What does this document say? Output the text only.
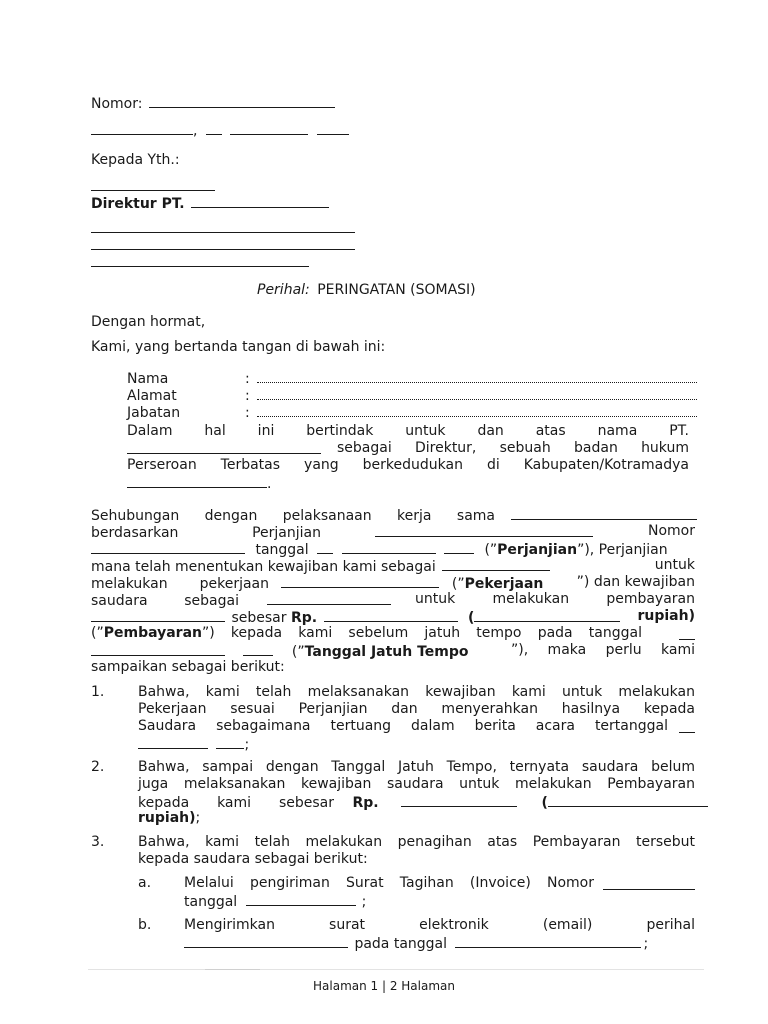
Nomor:
,
Kepada Yth.:
Direktur PT.
Perihal: PERINGATAN (SOMASI)
Dengan hormat,
Kami, yang bertanda tangan di bawah ini:
Nama	:
Alamat	:
Jabatan	:
Dalam hal ini bertindak untuk dan atas nama PT.
sebagai Direktur, sebuah badan hukum
Perseroan Terbatas yang berkedudukan di Kabupaten/Kotramadya
.
Sehubungan dengan pelaksanaan kerja sama
berdasarkan Perjanjian	Nomor
tanggal	(”Perjanjian”), Perjanjian
mana telah menentukan kewajiban kami sebagai	untuk
melakukan pekerjaan	(”Pekerjaan ”) dan kewajiban
saudara sebagai	untuk melakukan pembayaran
sebesar Rp.	(	rupiah)
(”Pembayaran”) kepada kami sebelum jatuh tempo pada tanggal
(”Tanggal Jatuh Tempo	”), maka perlu kami
sampaikan sebagai berikut:
1. Bahwa, kami telah melaksanakan kewajiban kami untuk melakukan
Pekerjaan sesuai Perjanjian dan menyerahkan hasilnya kepada
Saudara sebagaimana tertuang dalam berita acara tertanggal
;
2. Bahwa, sampai dengan Tanggal Jatuh Tempo, ternyata saudara belum
juga melaksanakan kewajiban saudara untuk melakukan Pembayaran
kepada kami sebesar Rp.	(
rupiah);
3. Bahwa, kami telah melakukan penagihan atas Pembayaran tersebut
kepada saudara sebagai berikut:
a. Melalui pengiriman Surat Tagihan (Invoice) Nomor
tanggal	;
b. Mengirimkan surat elektronik (email) perihal
pada tanggal	;
Halaman 1 | 2 Halaman
